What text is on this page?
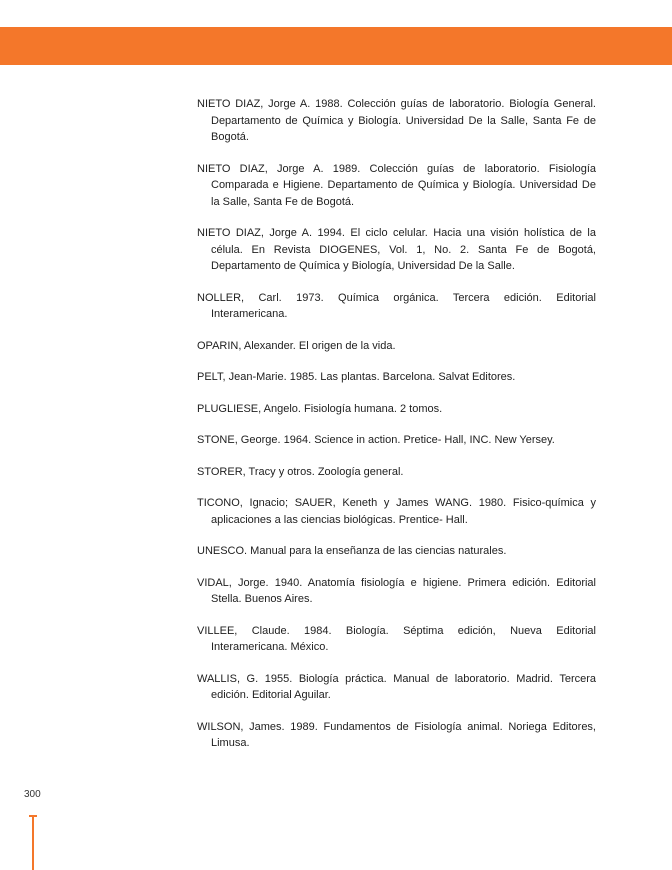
NIETO DIAZ, Jorge A. 1988. Colección guías de laboratorio. Biología General. Departamento de Química y Biología. Universidad De la Salle, Santa Fe de Bogotá.
NIETO DIAZ, Jorge A. 1989. Colección guías de laboratorio. Fisiología Comparada e Higiene. Departamento de Química y Biología. Universidad De la Salle, Santa Fe de Bogotá.
NIETO DIAZ, Jorge A. 1994. El ciclo celular. Hacia una visión holística de la célula. En Revista DIOGENES, Vol. 1, No. 2. Santa Fe de Bogotá, Departamento de Química y Biología, Universidad De la Salle.
NOLLER, Carl. 1973. Química orgánica. Tercera edición. Editorial Interamericana.
OPARIN, Alexander. El origen de la vida.
PELT, Jean-Marie. 1985. Las plantas. Barcelona. Salvat Editores.
PLUGLIESE, Angelo. Fisiología humana. 2 tomos.
STONE, George. 1964. Science in action. Pretice- Hall, INC. New Yersey.
STORER, Tracy y otros. Zoología general.
TICONO, Ignacio; SAUER, Keneth y James WANG. 1980. Fisico-química y aplicaciones a las ciencias biológicas. Prentice- Hall.
UNESCO. Manual para la enseñanza de las ciencias naturales.
VIDAL, Jorge. 1940. Anatomía fisiología e higiene. Primera edición. Editorial Stella. Buenos Aires.
VILLEE, Claude. 1984. Biología. Séptima edición, Nueva Editorial Interamericana. México.
WALLIS, G. 1955. Biología práctica. Manual de laboratorio. Madrid. Tercera edición. Editorial Aguilar.
WILSON, James. 1989. Fundamentos de Fisiología animal. Noriega Editores, Limusa.
300
